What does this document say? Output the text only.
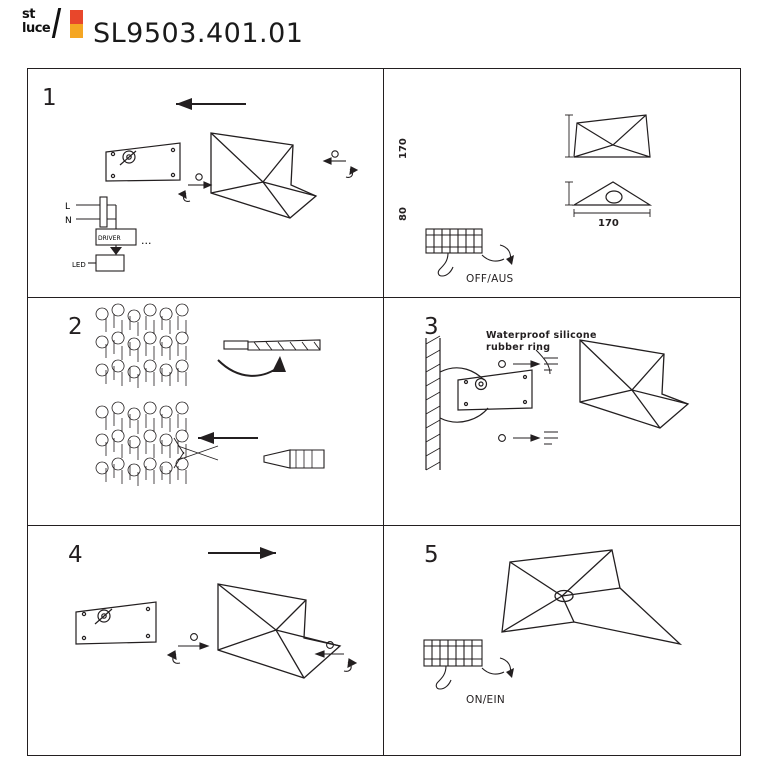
st
luce SL9503.401.01
1
L
N
DRIVER
LED
...
170
80
170
OFF/AUS
2	3	Waterproof silicone
rubber ring
4	5
ON/EIN
